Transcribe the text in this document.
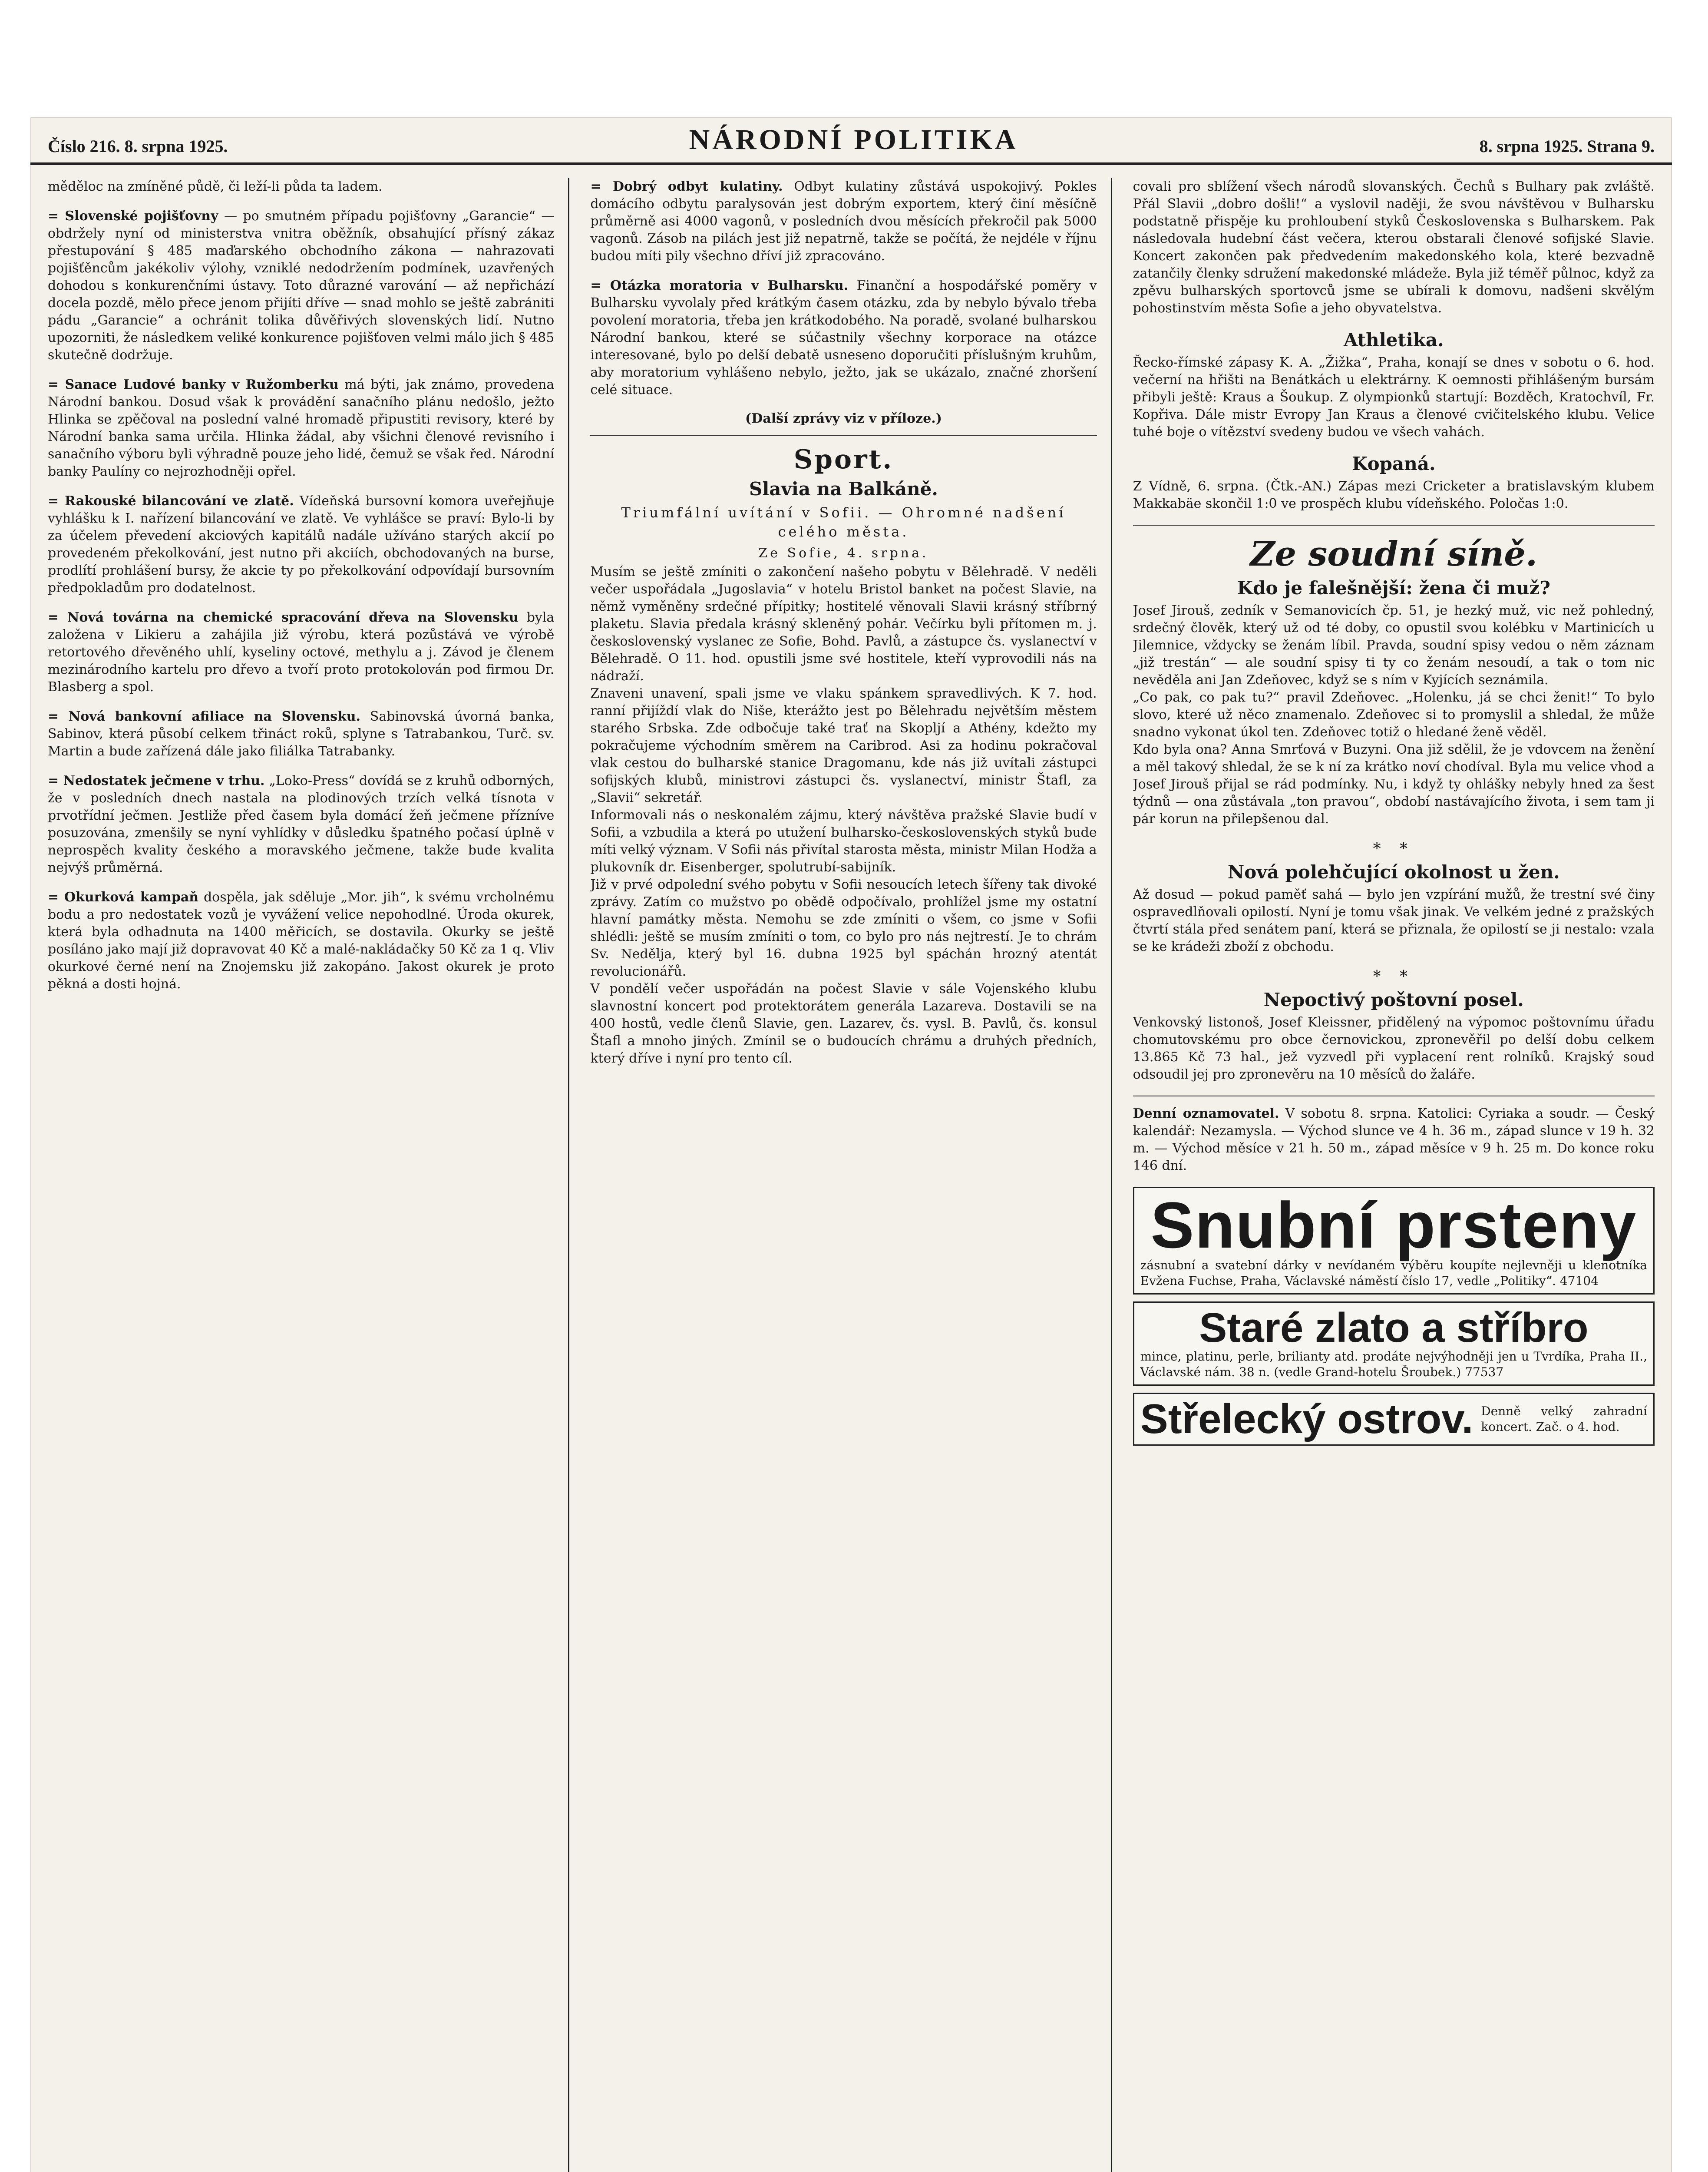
Číslo 216. 8. srpna 1925.	NÁRODNÍ POLITIKA	8. srpna 1925. Strana 9.

měděloc na zmíněné půdě, či leží-li půda ta ladem.

= Slovenské pojišťovny — po smutném případu pojišťovny „Garancie“ — obdržely nyní od ministerstva vnitra oběžník, obsahující přísný zákaz přestupování § 485 maďarského obchodního zákona — nahrazovati pojišťěncům jakékoliv výlohy, vzniklé nedodržením podmínek, uzavřených dohodou s konkurenčními ústavy. Toto důrazné varování — až nepřichází docela pozdě, mělo přece jenom přijíti dříve — snad mohlo se ještě zabrániti pádu „Garancie“ a ochránit tolika důvěřivých slovenských lidí. Nutno upozorniti, že následkem veliké konkurence pojišťoven velmi málo jich § 485 skutečně dodržuje.

= Sanace Ludové banky v Ružomberku má býti, jak známo, provedena Národní bankou. Dosud však k provádění sanačního plánu nedošlo, ježto Hlinka se zpěčoval na poslední valné hromadě připustiti revisory, které by Národní banka sama určila. Hlinka žádal, aby všichni členové revisního i sanačního výboru byli výhradně pouze jeho lidé, čemuž se však řed. Národní banky Paulíny co nejrozhodněji opřel.

= Rakouské bilancování ve zlatě. Vídeňská bursovní komora uveřejňuje vyhlášku k I. nařízení bilancování ve zlatě. Ve vyhlášce se praví: Bylo-li by za účelem převedení akciových kapitálů nadále užíváno starých akcií po provedeném překolkování, jest nutno při akciích, obchodovaných na burse, prodlítí prohlášení bursy, že akcie ty po překolkování odpovídají bursovním předpokladům pro dodatelnost.

= Nová továrna na chemické spracování dřeva na Slovensku byla založena v Likieru a zahájila již výrobu, která pozůstává ve výrobě retortového dřevěného uhlí, kyseliny octové, methylu a j. Závod je členem mezinárodního kartelu pro dřevo a tvoří proto protokolován pod firmou Dr. Blasberg a spol.

= Nová bankovní afiliace na Slovensku. Sabinovská úvorná banka, Sabinov, která působí celkem třináct roků, splyne s Tatrabankou, Turč. sv. Martin a bude zařízená dále jako filiálka Tatrabanky.

= Nedostatek ječmene v trhu. „Loko-Press“ dovídá se z kruhů odborných, že v posledních dnech nastala na plodinových trzích velká tísnota v prvotřídní ječmen. Jestliže před časem byla domácí žeň ječmene přízníve posuzována, zmenšily se nyní vyhlídky v důsledku špatného počasí úplně v neprospěch kvality českého a moravského ječmene, takže bude kvalita nejvýš průměrná.

= Okurková kampaň dospěla, jak sděluje „Mor. jih“, k svému vrcholnému bodu a pro nedostatek vozů je vyvážení velice nepohodlné. Úroda okurek, která byla odhadnuta na 1400 měřicích, se dostavila. Okurky se ještě posíláno jako mají již dopravovat 40 Kč a malé-nakládačky 50 Kč za 1 q. Vliv okurkové černé není na Znojemsku již zakopáno. Jakost okurek je proto pěkná a dosti hojná.

= Dobrý odbyt kulatiny. Odbyt kulatiny zůstává uspokojivý. Pokles domácího odbytu paralysován jest dobrým exportem, který činí měsíčně průměrně asi 4000 vagonů, v posledních dvou měsících překročil pak 5000 vagonů. Zásob na pilách jest již nepatrně, takže se počítá, že nejdéle v říjnu budou míti pily všechno dříví již zpracováno.

= Otázka moratoria v Bulharsku. Finanční a hospodářské poměry v Bulharsku vyvolaly před krátkým časem otázku, zda by nebylo bývalo třeba povolení moratoria, třeba jen krátkodobého. Na poradě, svolané bulharskou Národní bankou, které se súčastnily všechny korporace na otázce interesované, bylo po delší debatě usneseno doporučiti příslušným kruhům, aby moratorium vyhlášeno nebylo, ježto, jak se ukázalo, značné zhoršení celé situace.

(Další zprávy viz v příloze.)
Sport.
Slavia na Balkáně.
Triumfální uvítání v Sofii. — Ohromné nadšení celého města.
Ze Sofie, 4. srpna.

Musím se ještě zmíniti o zakončení našeho pobytu v Bělehradě. V neděli večer uspořádala „Jugoslavia“ v hotelu Bristol banket na počest Slavie, na němž vyměněny srdečné přípitky; hostitelé věnovali Slavii krásný stříbrný plaketu. Slavia předala krásný skleněný pohár. Večírku byli přítomen m. j. československý vyslanec ze Sofie, Bohd. Pavlů, a zástupce čs. vyslanectví v Bělehradě. O 11. hod. opustili jsme své hostitele, kteří vyprovodili nás na nádraží.

Znaveni unavení, spali jsme ve vlaku spánkem spravedlivých. K 7. hod. ranní přijíždí vlak do Niše, kterážto jest po Bělehradu největším městem starého Srbska. Zde odbočuje také trať na Skopljí a Athény, kdežto my pokračujeme východním směrem na Caribrod. Asi za hodinu pokračoval vlak cestou do bulharské stanice Dragomanu, kde nás již uvítali zástupci sofijských klubů, ministrovi zástupci čs. vyslanectví, ministr Štafl, za „Slavii“ sekretář.

Informovali nás o neskonalém zájmu, který návštěva pražské Slavie budí v Sofii, a vzbudila a která po utužení bulharsko-československých styků bude míti velký význam. V Sofii nás přivítal starosta města, ministr Milan Hodža a plukovník dr. Eisenberger, spolutrubí-sabijník.

Již v prvé odpolední svého pobytu v Sofii nesoucích letech šířeny tak divoké zprávy. Zatím co mužstvo po obědě odpočívalo, prohlížel jsme my ostatní hlavní památky města. Nemohu se zde zmíniti o všem, co jsme v Sofii shlédli: ještě se musím zmíniti o tom, co bylo pro nás nejtrestí. Je to chrám Sv. Nedělja, který byl 16. dubna 1925 byl spáchán hrozný atentát revolucionářů.

V pondělí večer uspořádán na počest Slavie v sále Vojenského klubu slavnostní koncert pod protektorátem generála Lazareva. Dostavili se na 400 hostů, vedle členů Slavie, gen. Lazarev, čs. vysl. B. Pavlů, čs. konsul Štafl a mnoho jiných. Zmínil se o budoucích chrámu a druhých předních, který dříve i nyní pro tento cíl.

covali pro sblížení všech národů slovanských. Čechů s Bulhary pak zvláště. Přál Slavii „dobro došli!“ a vyslovil naději, že svou návštěvou v Bulharsku podstatně přispěje ku prohloubení styků Československa s Bulharskem. Pak následovala hudební část večera, kterou obstarali členové sofijské Slavie. Koncert zakončen pak předvedením makedonského kola, které bezvadně zatančily členky sdružení makedonské mládeže. Byla již téměř půlnoc, když za zpěvu bulharských sportovců jsme se ubírali k domovu, nadšeni skvělým pohostinstvím města Sofie a jeho obyvatelstva.

Athletika.

Řecko-římské zápasy K. A. „Žižka“, Praha, konají se dnes v sobotu o 6. hod. večerní na hřišti na Benátkách u elektrárny. K oemnosti přihlášeným bursám přibyli ještě: Kraus a Šoukup. Z olympionků startují: Bozděch, Kratochvíl, Fr. Kopřiva. Dále mistr Evropy Jan Kraus a členové cvičitelského klubu. Velice tuhé boje o vítězství svedeny budou ve všech vahách.

Kopaná.

Z Vídně, 6. srpna. (Čtk.-AN.) Zápas mezi Cricketer a bratislavským klubem Makkabäe skončil 1:0 ve prospěch klubu vídeňského. Poločas 1:0.

Ze soudní síně.
Kdo je falešnější: žena či muž?

Josef Jirouš, zedník v Semanovicích čp. 51, je hezký muž, vic než pohledný, srdečný člověk, který už od té doby, co opustil svou kolébku v Martinicích u Jilemnice, vždycky se ženám líbil. Pravda, soudní spisy vedou o něm záznam „již trestán“ — ale soudní spisy ti ty co ženám nesoudí, a tak o tom nic nevěděla ani Jan Zdeňovec, když se s ním v Kyjících seznámila.

„Co pak, co pak tu?“ pravil Zdeňovec. „Holenku, já se chci ženit!“ To bylo slovo, které už něco znamenalo. Zdeňovec si to promyslil a shledal, že může snadno vykonat úkol ten. Zdeňovec totiž o hledané ženě věděl.

Kdo byla ona? Anna Smrťová v Buzyni. Ona již sdělil, že je vdovcem na ženění a měl takový shledal, že se k ní za krátko noví chodíval. Byla mu velice vhod a Josef Jirouš přijal se rád podmínky. Nu, i když ty ohlášky nebyly hned za šest týdnů — ona zůstávala „ton pravou“, období nastávajícího života, i sem tam ji pár korun na přilepšenou dal.

* *
Nová polehčující okolnost u žen.

Až dosud — pokud paměť sahá — bylo jen vzpírání mužů, že trestní své činy ospravedlňovali opilostí. Nyní je tomu však jinak. Ve velkém jedné z pražských čtvrtí stála před senátem paní, která se přiznala, že opilostí se ji nestalo: vzala se ke krádeži zboží z obchodu.

* *
Nepoctivý poštovní posel.

Venkovský listonoš, Josef Kleissner, přidělený na výpomoc poštovnímu úřadu chomutovskému pro obce černovickou, zpronevěřil po delší dobu celkem 13.865 Kč 73 hal., jež vyzvedl při vyplacení rent rolníků. Krajský soud odsoudil jej pro zpronevěru na 10 měsíců do žaláře.

Denní oznamovatel. V sobotu 8. srpna. Katolici: Cyriaka a soudr. — Český kalendář: Nezamysla. — Východ slunce ve 4 h. 36 m., západ slunce v 19 h. 32 m. — Východ měsíce v 21 h. 50 m., západ měsíce v 9 h. 25 m. Do konce roku 146 dní.

Snubní prsteny
zásnubní a svatební dárky v nevídaném výběru koupíte nejlevněji u klenotníka Evžena Fuchse, Praha, Václavské náměstí číslo 17, vedle „Politiky“. 47104
Staré zlato a stříbro
mince, platinu, perle, brilianty atd. prodáte nejvýhodněji jen u Tvrdíka, Praha II., Václavské nám. 38 n. (vedle Grand-hotelu Šroubek.) 77537
Střelecký ostrov. Denně velký zahradní koncert. Zač. o 4. hod.
